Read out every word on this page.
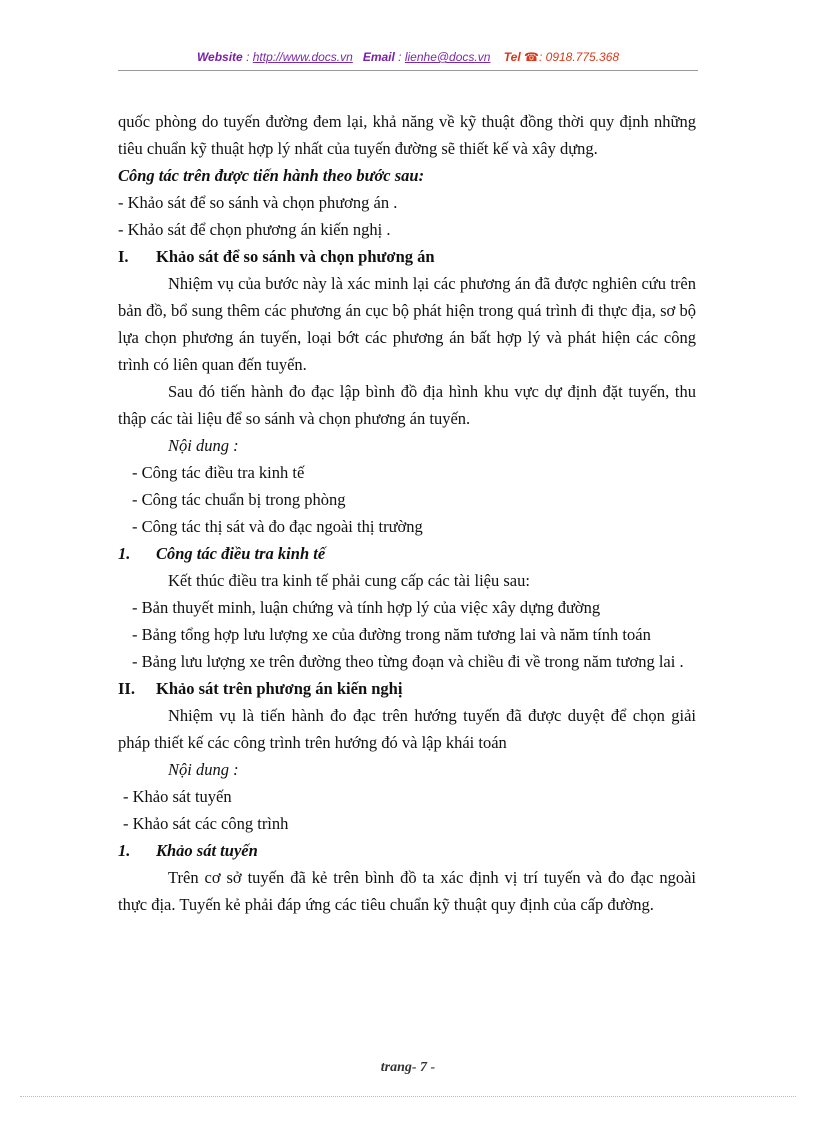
Website : http://www.docs.vn Email : lienhe@docs.vn Tel ☎: 0918.775.368

quốc phòng do tuyến đường đem lại, khả năng về kỹ thuật đồng thời quy định những tiêu chuẩn kỹ thuật hợp lý nhất của tuyến đường sẽ thiết kế và xây dựng.

Công tác trên được tiến hành theo bước sau:

- Khảo sát để so sánh và chọn phương án .

- Khảo sát để chọn phương án kiến nghị .

I.	Khảo sát để so sánh và chọn phương án

Nhiệm vụ của bước này là xác minh lại các phương án đã được nghiên cứu trên bản đồ, bổ sung thêm các phương án cục bộ phát hiện trong quá trình đi thực địa, sơ bộ lựa chọn phương án tuyến, loại bớt các phương án bất hợp lý và phát hiện các công trình có liên quan đến tuyến.

Sau đó tiến hành đo đạc lập bình đồ địa hình khu vực dự định đặt tuyến, thu thập các tài liệu để so sánh và chọn phương án tuyến.

Nội dung :

- Công tác điều tra kinh tế

- Công tác chuẩn bị trong phòng

- Công tác thị sát và đo đạc ngoài thị trường

1.	Công tác điều tra kinh tế

Kết thúc điều tra kinh tế phải cung cấp các tài liệu sau:

- Bản thuyết minh, luận chứng và tính hợp lý của việc xây dựng đường

- Bảng tổng hợp lưu lượng xe của đường trong năm tương lai và năm tính toán

- Bảng lưu lượng xe trên đường theo từng đoạn và chiều đi về trong năm tương lai .

II.	Khảo sát trên phương án kiến nghị

Nhiệm vụ là tiến hành đo đạc trên hướng tuyến đã được duyệt để chọn giải pháp thiết kế các công trình trên hướng đó và lập khái toán

Nội dung :

- Khảo sát tuyến

- Khảo sát các công trình

1.	Khảo sát tuyến

Trên cơ sở tuyến đã kẻ trên bình đồ ta xác định vị trí tuyến và đo đạc ngoài thực địa. Tuyến kẻ phải đáp ứng các tiêu chuẩn kỹ thuật quy định của cấp đường.

trang- 7 -
